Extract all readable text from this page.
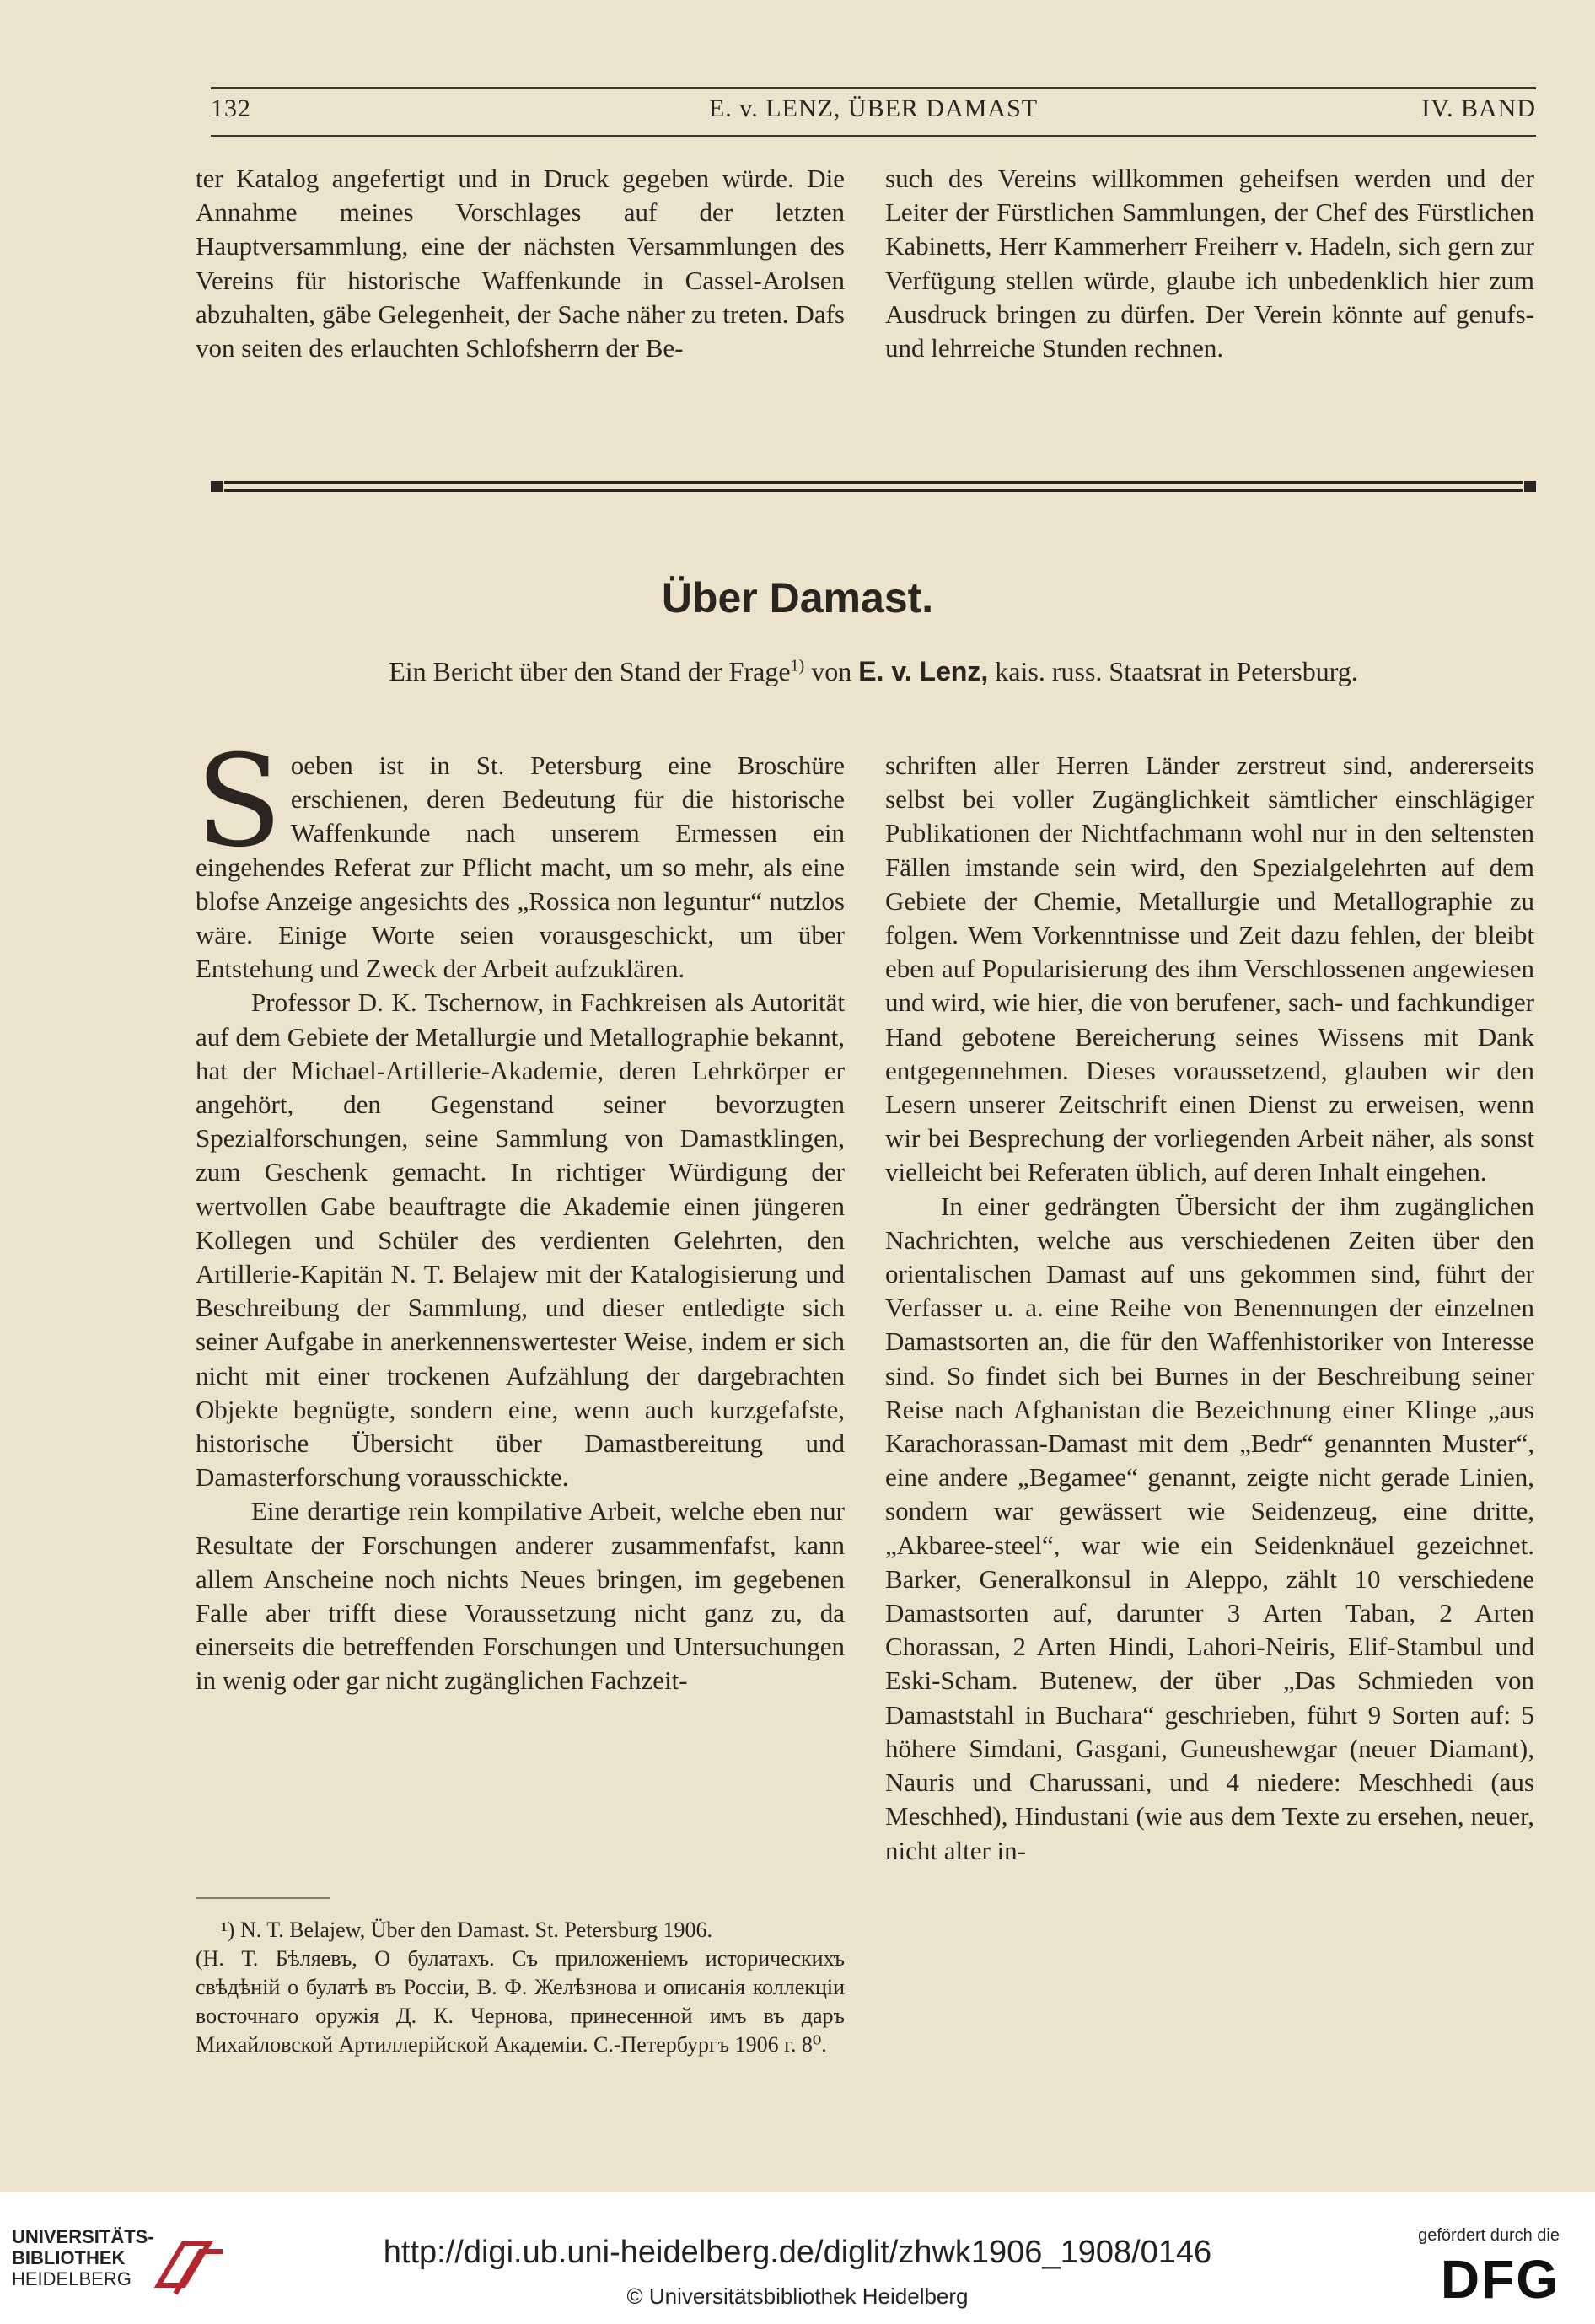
132	E. v. LENZ, ÜBER DAMAST	IV. BAND

ter Katalog angefertigt und in Druck gegeben würde. Die Annahme meines Vorschlages auf der letzten Hauptversammlung, eine der nächsten Versammlungen des Vereins für historische Waffenkunde in Cassel-Arolsen abzuhalten, gäbe Gelegenheit, der Sache näher zu treten. Dafs von seiten des erlauchten Schlofsherrn der Be-

such des Vereins willkommen geheifsen werden und der Leiter der Fürstlichen Sammlungen, der Chef des Fürstlichen Kabinetts, Herr Kammerherr Freiherr v. Hadeln, sich gern zur Verfügung stellen würde, glaube ich unbedenklich hier zum Ausdruck bringen zu dürfen. Der Verein könnte auf genufs- und lehrreiche Stunden rechnen.

Über Damast.
Ein Bericht über den Stand der Frage$^{1)}$ von E. v. Lenz, kais. russ. Staatsrat in Petersburg.

Soeben ist in St. Petersburg eine Broschüre erschienen, deren Bedeutung für die historische Waffenkunde nach unserem Ermessen ein eingehendes Referat zur Pflicht macht, um so mehr, als eine blofse Anzeige angesichts des „Rossica non leguntur“ nutzlos wäre. Einige Worte seien vorausgeschickt, um über Entstehung und Zweck der Arbeit aufzuklären.

Professor D. K. Tschernow, in Fachkreisen als Autorität auf dem Gebiete der Metallurgie und Metallographie bekannt, hat der Michael-Artillerie-Akademie, deren Lehrkörper er angehört, den Gegenstand seiner bevorzugten Spezialforschungen, seine Sammlung von Damastklingen, zum Geschenk gemacht. In richtiger Würdigung der wertvollen Gabe beauftragte die Akademie einen jüngeren Kollegen und Schüler des verdienten Gelehrten, den Artillerie-Kapitän N. T. Belajew mit der Katalogisierung und Beschreibung der Sammlung, und dieser entledigte sich seiner Aufgabe in anerkennenswertester Weise, indem er sich nicht mit einer trockenen Aufzählung der dargebrachten Objekte begnügte, sondern eine, wenn auch kurzgefafste, historische Übersicht über Damastbereitung und Damasterforschung vorausschickte.

Eine derartige rein kompilative Arbeit, welche eben nur Resultate der Forschungen anderer zusammenfafst, kann allem Anscheine noch nichts Neues bringen, im gegebenen Falle aber trifft diese Voraussetzung nicht ganz zu, da einerseits die betreffenden Forschungen und Untersuchungen in wenig oder gar nicht zugänglichen Fachzeit-

schriften aller Herren Länder zerstreut sind, andererseits selbst bei voller Zugänglichkeit sämtlicher einschlägiger Publikationen der Nichtfachmann wohl nur in den seltensten Fällen imstande sein wird, den Spezialgelehrten auf dem Gebiete der Chemie, Metallurgie und Metallographie zu folgen. Wem Vorkenntnisse und Zeit dazu fehlen, der bleibt eben auf Popularisierung des ihm Verschlossenen angewiesen und wird, wie hier, die von berufener, sach- und fachkundiger Hand gebotene Bereicherung seines Wissens mit Dank entgegennehmen. Dieses voraussetzend, glauben wir den Lesern unserer Zeitschrift einen Dienst zu erweisen, wenn wir bei Besprechung der vorliegenden Arbeit näher, als sonst vielleicht bei Referaten üblich, auf deren Inhalt eingehen.

In einer gedrängten Übersicht der ihm zugänglichen Nachrichten, welche aus verschiedenen Zeiten über den orientalischen Damast auf uns gekommen sind, führt der Verfasser u. a. eine Reihe von Benennungen der einzelnen Damastsorten an, die für den Waffenhistoriker von Interesse sind. So findet sich bei Burnes in der Beschreibung seiner Reise nach Afghanistan die Bezeichnung einer Klinge „aus Karachorassan-Damast mit dem „Bedr“ genannten Muster“, eine andere „Begamee“ genannt, zeigte nicht gerade Linien, sondern war gewässert wie Seidenzeug, eine dritte, „Akbaree-steel“, war wie ein Seidenknäuel gezeichnet. Barker, Generalkonsul in Aleppo, zählt 10 verschiedene Damastsorten auf, darunter 3 Arten Taban, 2 Arten Chorassan, 2 Arten Hindi, Lahori-Neiris, Elif-Stambul und Eski-Scham. Butenew, der über „Das Schmieden von Damaststahl in Buchara“ geschrieben, führt 9 Sorten auf: 5 höhere Simdani, Gasgani, Guneushewgar (neuer Diamant), Nauris und Charussani, und 4 niedere: Meschhedi (aus Meschhed), Hindustani (wie aus dem Texte zu ersehen, neuer, nicht alter in-

¹) N. T. Belajew, Über den Damast. St. Petersburg 1906.

(Н. Т. Бѣляевъ, О булатахъ. Съ приложеніемъ историческихъ свѣдѣній о булатѣ въ Россіи, В. Ф. Желѣзнова и описанія коллекціи восточнаго оружія Д. К. Чернова, принесенной имъ въ даръ Михайловской Артиллерійской Академіи. С.-Петербургъ 1906 г. 8⁰.

UNIVERSITÄTS-
BIBLIOTHEK
HEIDELBERG
http://digi.ub.uni-heidelberg.de/diglit/zhwk1906_1908/0146
© Universitätsbibliothek Heidelberg
gefördert durch die
DFG
